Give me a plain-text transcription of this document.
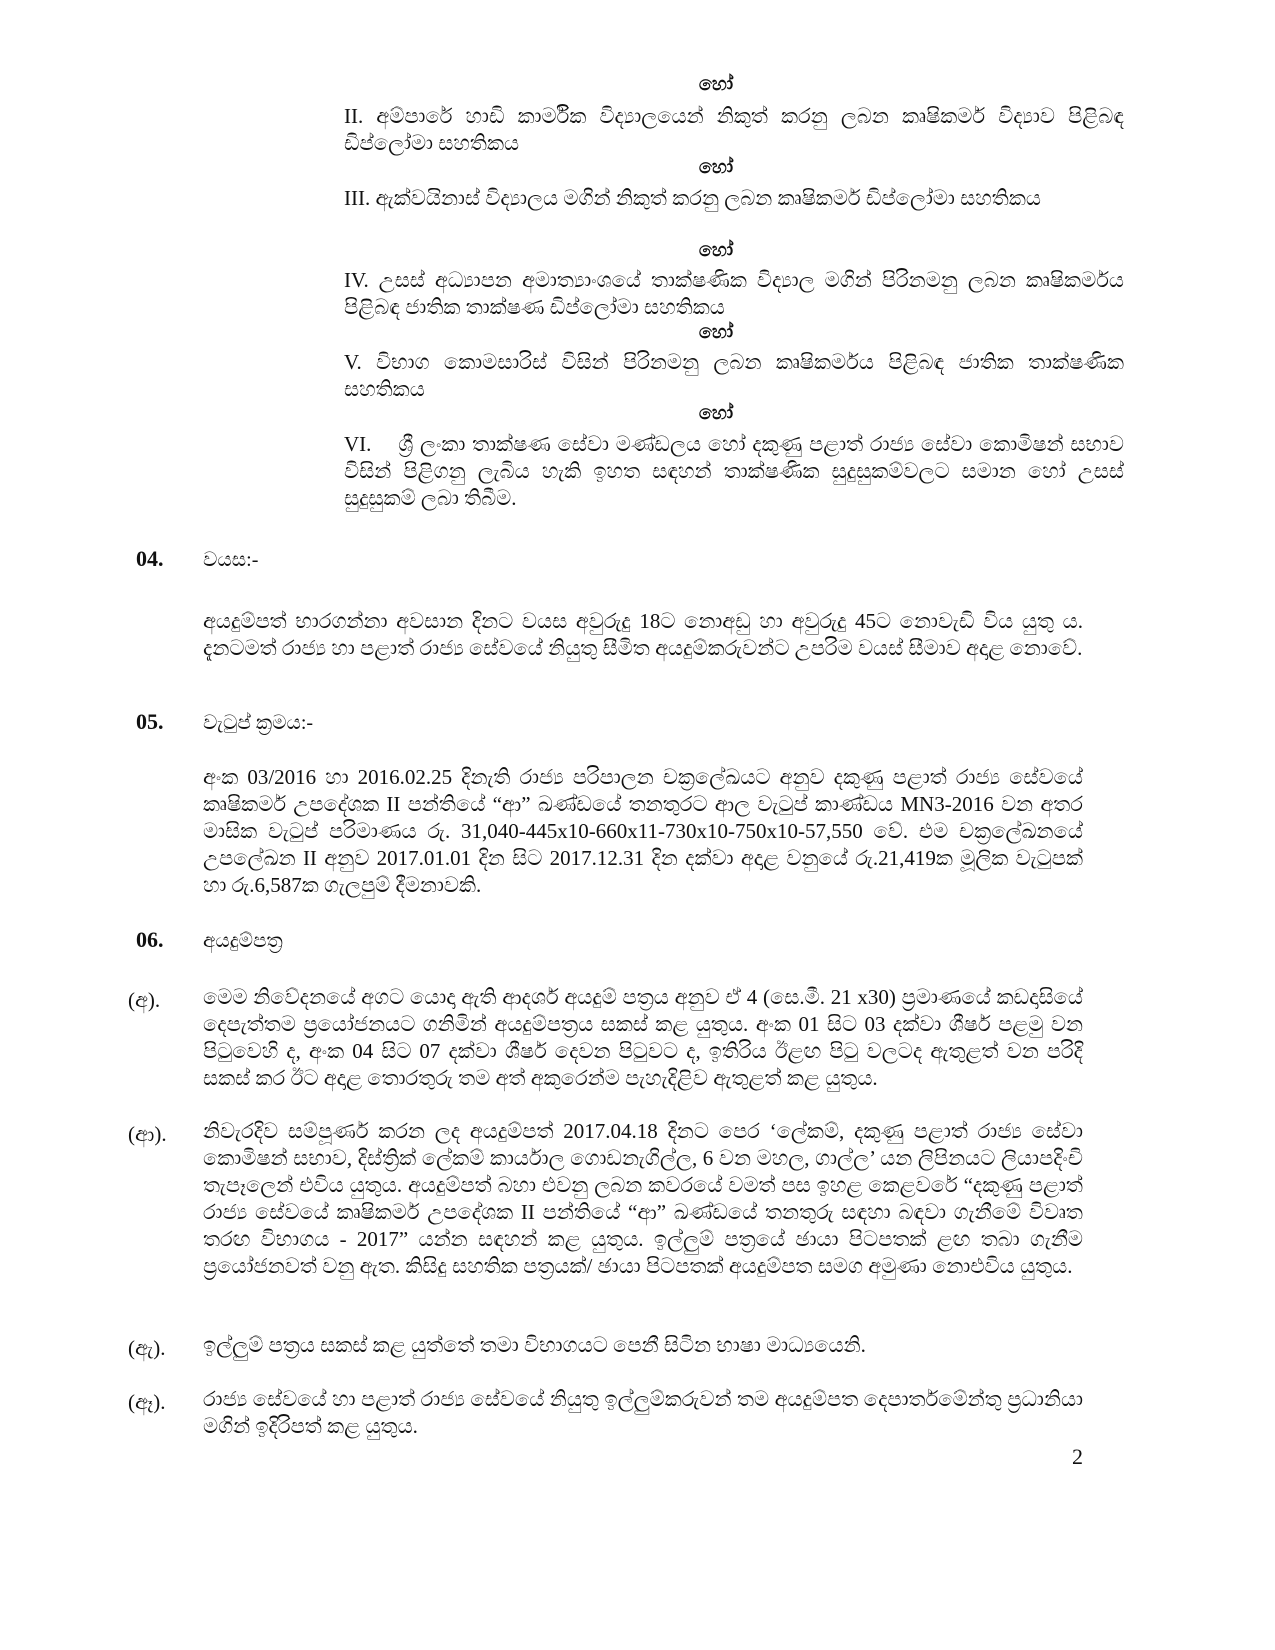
හෝ
II. අම්පාරේ හාඩි කාර්මික විද්‍යාලයෙන් නිකුත් කරනු ලබන කෘෂිකර්ම විද්‍යාව පිළිබඳ ඩිප්ලෝමා සහතිකය
හෝ
III. ඇක්වයිනාස් විද්‍යාලය මගින් නිකුත් කරනු ලබන කෘෂිකර්ම ඩිප්ලෝමා සහතිකය
හෝ
IV. උසස් අධ්‍යාපන අමාත්‍යාංශයේ තාක්ෂණික විද්‍යාල මගින් පිරිනමනු ලබන කෘෂිකර්මය පිළිබඳ ජාතික තාක්ෂණ ඩිප්ලෝමා සහතිකය
හෝ
V. විභාග කොමසාරිස් විසින් පිරිනමනු ලබන කෘෂිකර්මය පිළිබඳ ජාතික තාක්ෂණික සහතිකය
හෝ
VI.    ශ්‍රී ලංකා තාක්ෂණ සේවා මණ්ඩලය හෝ දකුණු පළාත් රාජ්‍ය සේවා කොමිෂන් සභාව විසින් පිළිගනු ලැබිය හැකි ඉහත සඳහන් තාක්ෂණික සුදුසුකම්වලට සමාන හෝ උසස් සුදුසුකම් ලබා තිබීම.
04. වයස:-
අයදුම්පත් භාරගන්නා අවසාන දිනට වයස අවුරුදු 18ට නොඅඩු හා අවුරුදු 45ට නොවැඩි විය යුතු ය. දැනටමත් රාජ්‍ය හා පළාත් රාජ්‍ය සේවයේ නියුතු සීමිත අයදුම්කරුවන්ට උපරිම වයස් සීමාව අදාළ නොවේ.
05. වැටුප් ක්‍රමය:-
අංක 03/2016 හා 2016.02.25 දිනැති රාජ්‍ය පරිපාලන චක්‍රලේඛයට අනුව දකුණු පළාත් රාජ්‍ය සේවයේ කෘෂිකර්ම උපදේශක II පන්තියේ “ආ” ඛණ්ඩයේ තනතුරට ආල වැටුප් කාණ්ඩය MN3-2016 වන අතර මාසික වැටුප් පරිමාණය රු. 31,040-445x10-660x11-730x10-750x10-57,550 වේ. එම චක්‍රලේඛනයේ උපලේඛන II අනුව 2017.01.01 දින සිට 2017.12.31 දින දක්වා අදාළ වනුයේ රු.21,419ක මූලික වැටුපක් හා රු.6,587ක ගැලපුම් දීමනාවකි.
06. අයදුම්පත්‍ර
(අ). මෙම නිවේදනයේ අගට යොදා ඇති ආදර්ශ අයදුම් පත්‍රය අනුව ඒ 4 (සෙ.මී. 21 x30) ප්‍රමාණයේ කඩදාසියේ දෙපැත්තම ප්‍රයෝජනයට ගනිමින් අයදුම්පත්‍රය සකස් කළ යුතුය. අංක 01 සිට 03 දක්වා ශීර්ෂ පළමු වන පිටුවෙහි ද, අංක 04 සිට 07 දක්වා ශීර්ෂ දෙවන පිටුවට ද, ඉතිරිය ඊළඟ පිටු වලටද ඇතුළත් වන පරිදි සකස් කර ඊට අදාළ තොරතුරු තම අත් අකුරෙන්ම පැහැදිළිව ඇතුළත් කළ යුතුය.
(ආ). නිවැරදිව සම්පූර්ණ කරන ලද අයදුම්පත් 2017.04.18 දිනට පෙර ‘ලේකම්, දකුණු පළාත් රාජ්‍ය සේවා කොමිෂන් සභාව, දිස්ත්‍රික් ලේකම් කාර්යාල ගොඩනැගිල්ල, 6 වන මහල, ගාල්ල’ යන ලිපිනයට ලියාපදිංචි තැපෑලෙන් එවිය යුතුය. අයදුම්පත් බහා එවනු ලබන කවරයේ වමත් පස ඉහළ කෙළවරේ “දකුණු පළාත් රාජ්‍ය සේවයේ කෘෂිකර්ම උපදේශක II පන්තියේ “ආ” ඛණ්ඩයේ තනතුරු සඳහා බඳවා ගැනීමේ විවෘත තරඟ විභාගය - 2017” යන්න සඳහන් කළ යුතුය. ඉල්ලුම් පත්‍රයේ ඡායා පිටපතක් ළඟ තබා ගැනීම ප්‍රයෝජනවත් වනු ඇත. කිසිදු සහතික පත්‍රයක්/ ඡායා පිටපතක් අයදුම්පත සමග අමුණා නොඑවිය යුතුය.
(ඇ). ඉල්ලුම් පත්‍රය සකස් කළ යුත්තේ තමා විභාගයට පෙනී සිටින භාෂා මාධ්‍යයෙනි.
(ඈ). රාජ්‍ය සේවයේ හා පළාත් රාජ්‍ය සේවයේ නියුතු ඉල්ලුම්කරුවන් තම අයදුම්පත දෙපාර්තමේන්තු ප්‍රධානියා මගින් ඉදිරිපත් කළ යුතුය.
2
